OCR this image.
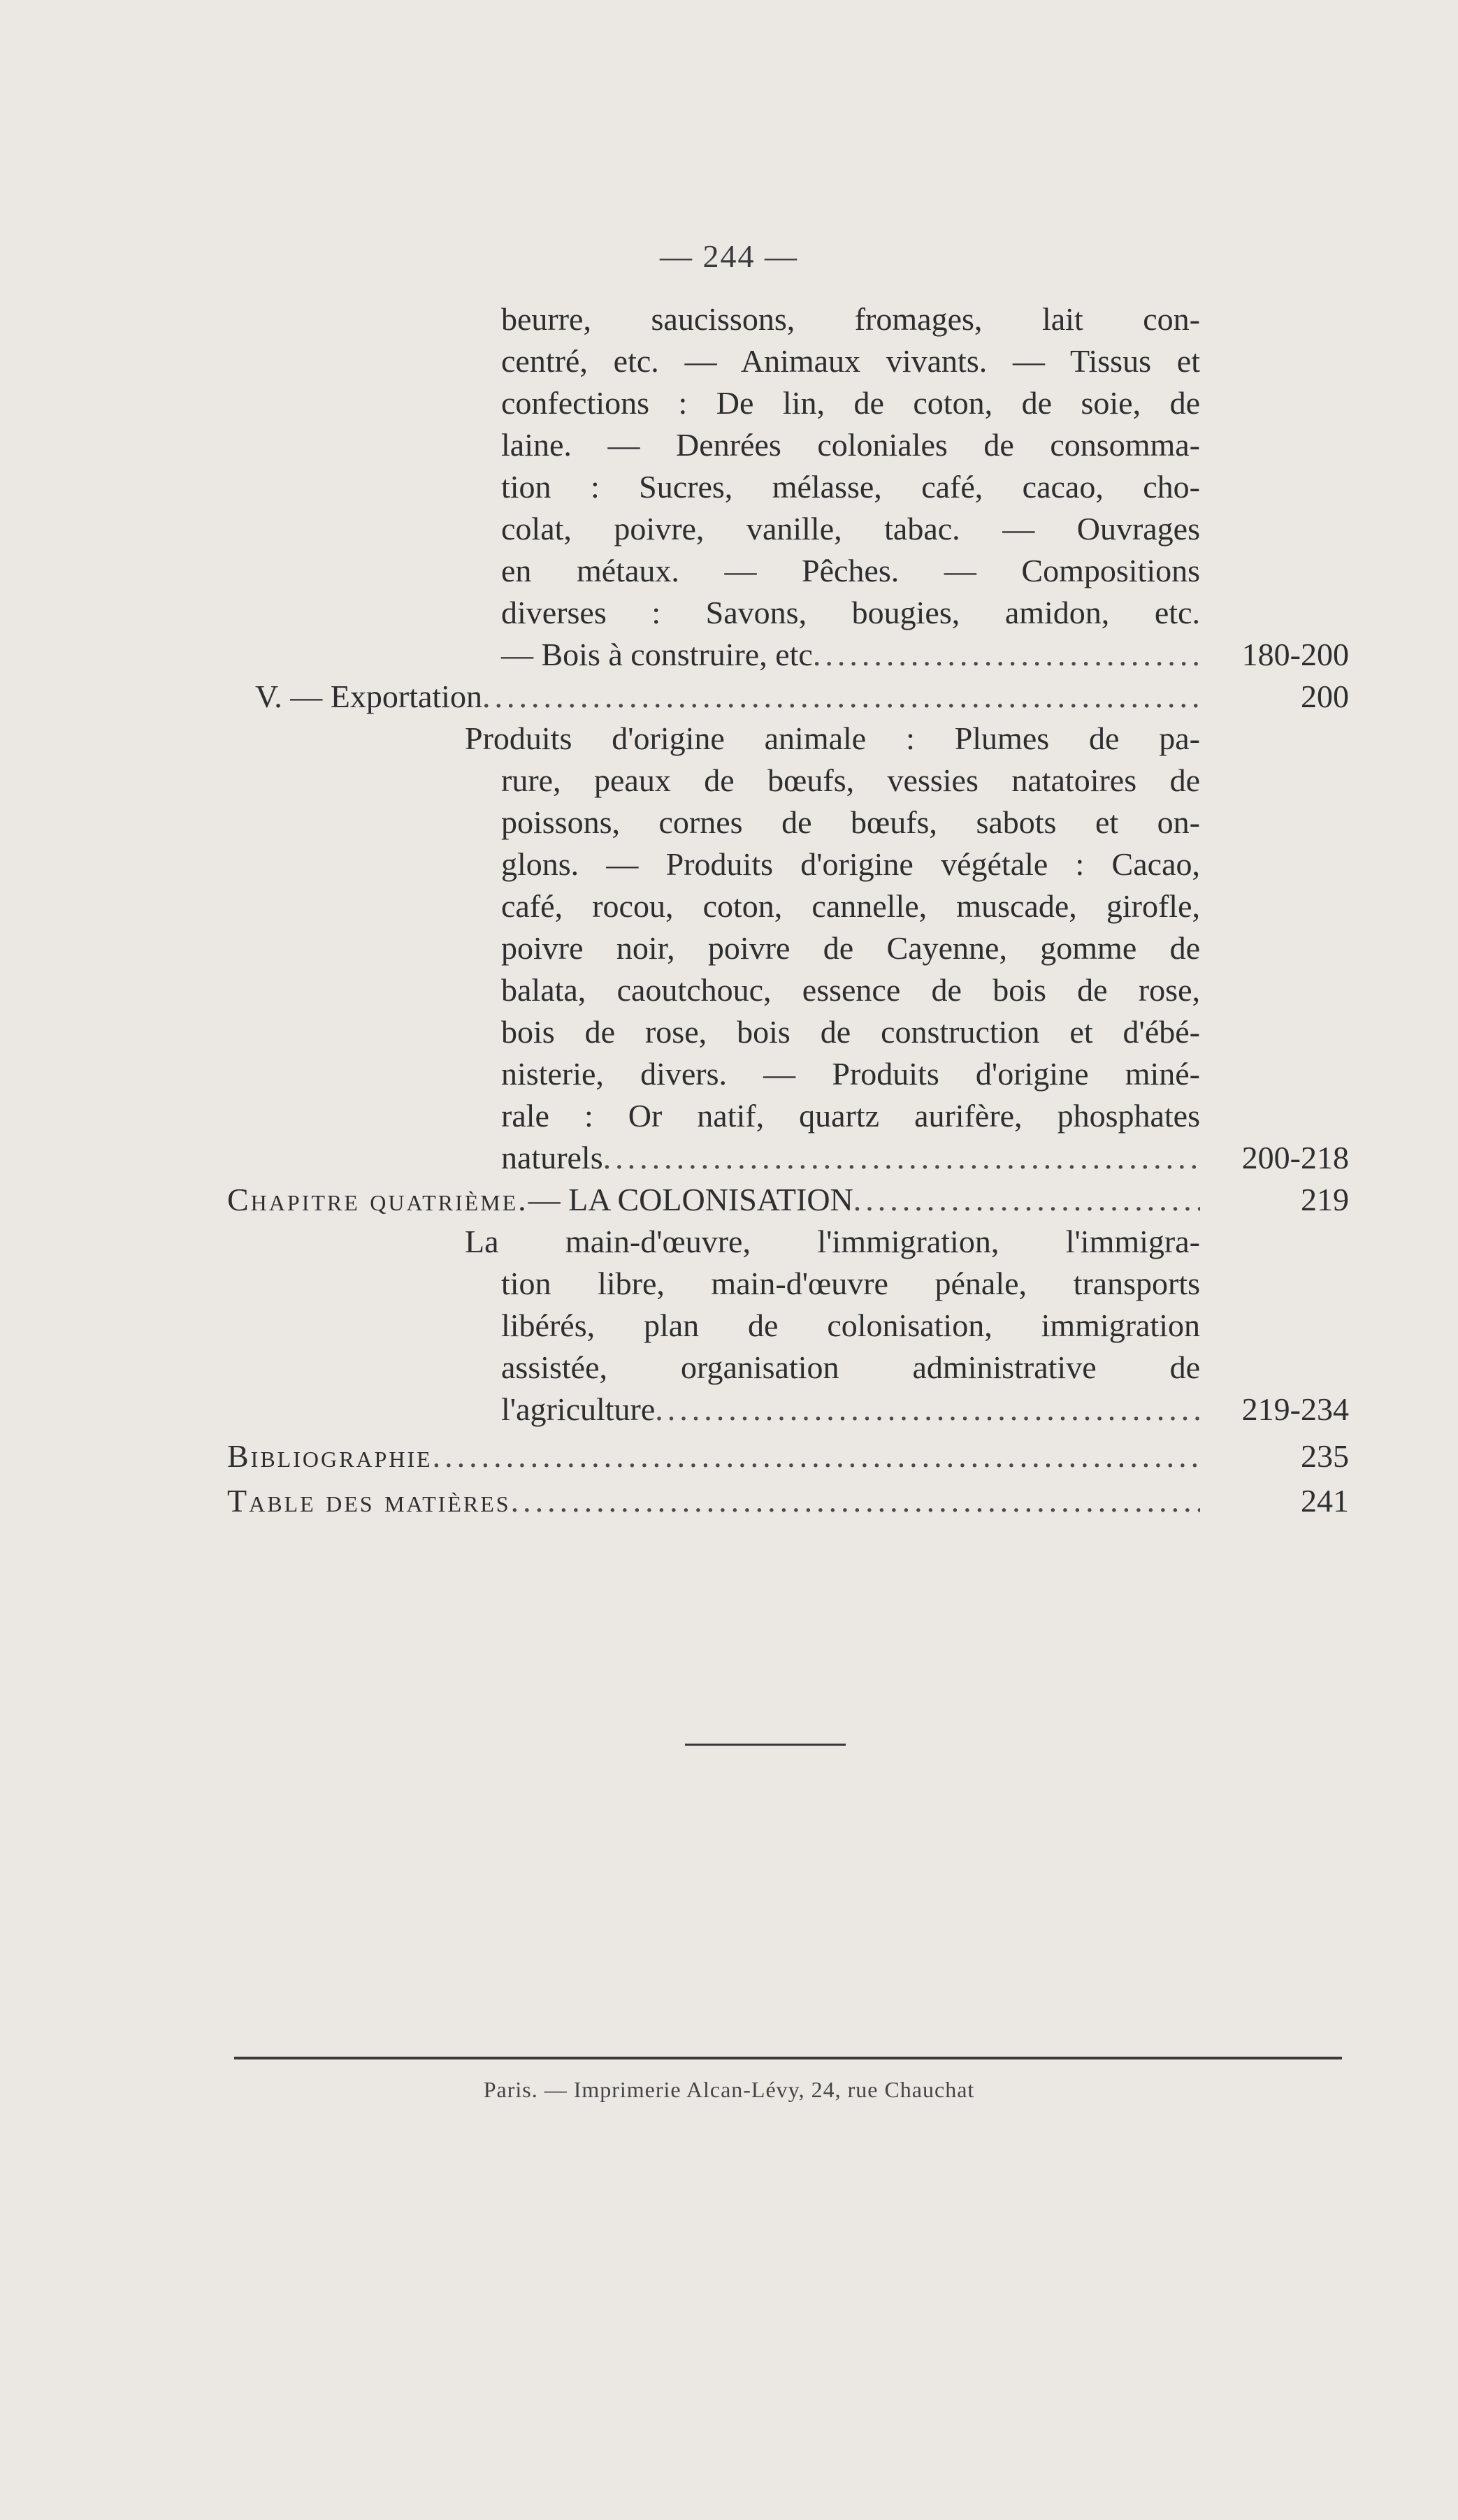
— 244 —
beurre, saucissons, fromages, lait con-
centré, etc. — Animaux vivants. — Tissus et
confections : De lin, de coton, de soie, de
laine. — Denrées coloniales de consomma-
tion : Sucres, mélasse, café, cacao, cho-
colat, poivre, vanille, tabac. — Ouvrages
en métaux. — Pêches. — Compositions
diverses : Savons, bougies, amidon, etc.
— Bois à construire, etc .....	180-200
V. — Exportation .....	200
Produits d'origine animale : Plumes de pa-
rure, peaux de bœufs, vessies natatoires de
poissons, cornes de bœufs, sabots et on-
glons. — Produits d'origine végétale : Cacao,
café, rocou, coton, cannelle, muscade, girofle,
poivre noir, poivre de Cayenne, gomme de
balata, caoutchouc, essence de bois de rose,
bois de rose, bois de construction et d'ébé-
nisterie, divers. — Produits d'origine miné-
rale : Or natif, quartz aurifère, phosphates
naturels .....	200-218
Chapitre quatrième. — LA COLONISATION .....	219
La main-d'œuvre, l'immigration, l'immigra-
tion libre, main-d'œuvre pénale, transports
libérés, plan de colonisation, immigration
assistée, organisation administrative de
l'agriculture .....	219-234
Bibliographie .....	235
Table des matières .....	241
Paris. — Imprimerie Alcan-Lévy, 24, rue Chauchat
